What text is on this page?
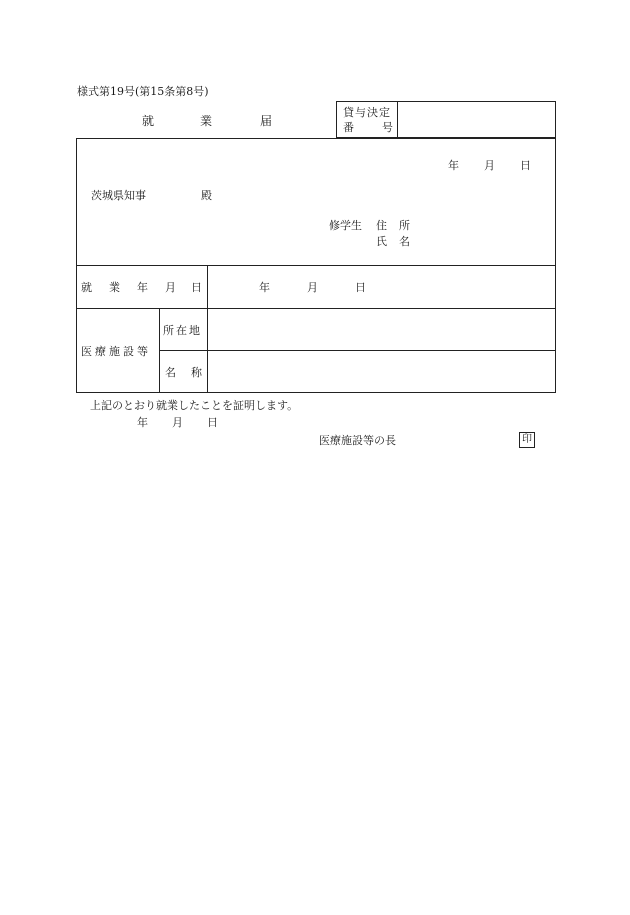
様式第19号(第15条第8号)
就	業	届
貸与決定
番	号
年 月 日
茨城県知事	殿
修学生 住 所
氏 名
就 業 年 月 日	年	月	日
医療施設等
所在地
名 称
上記のとおり就業したことを証明します。
年 月 日
医療施設等の長	印
